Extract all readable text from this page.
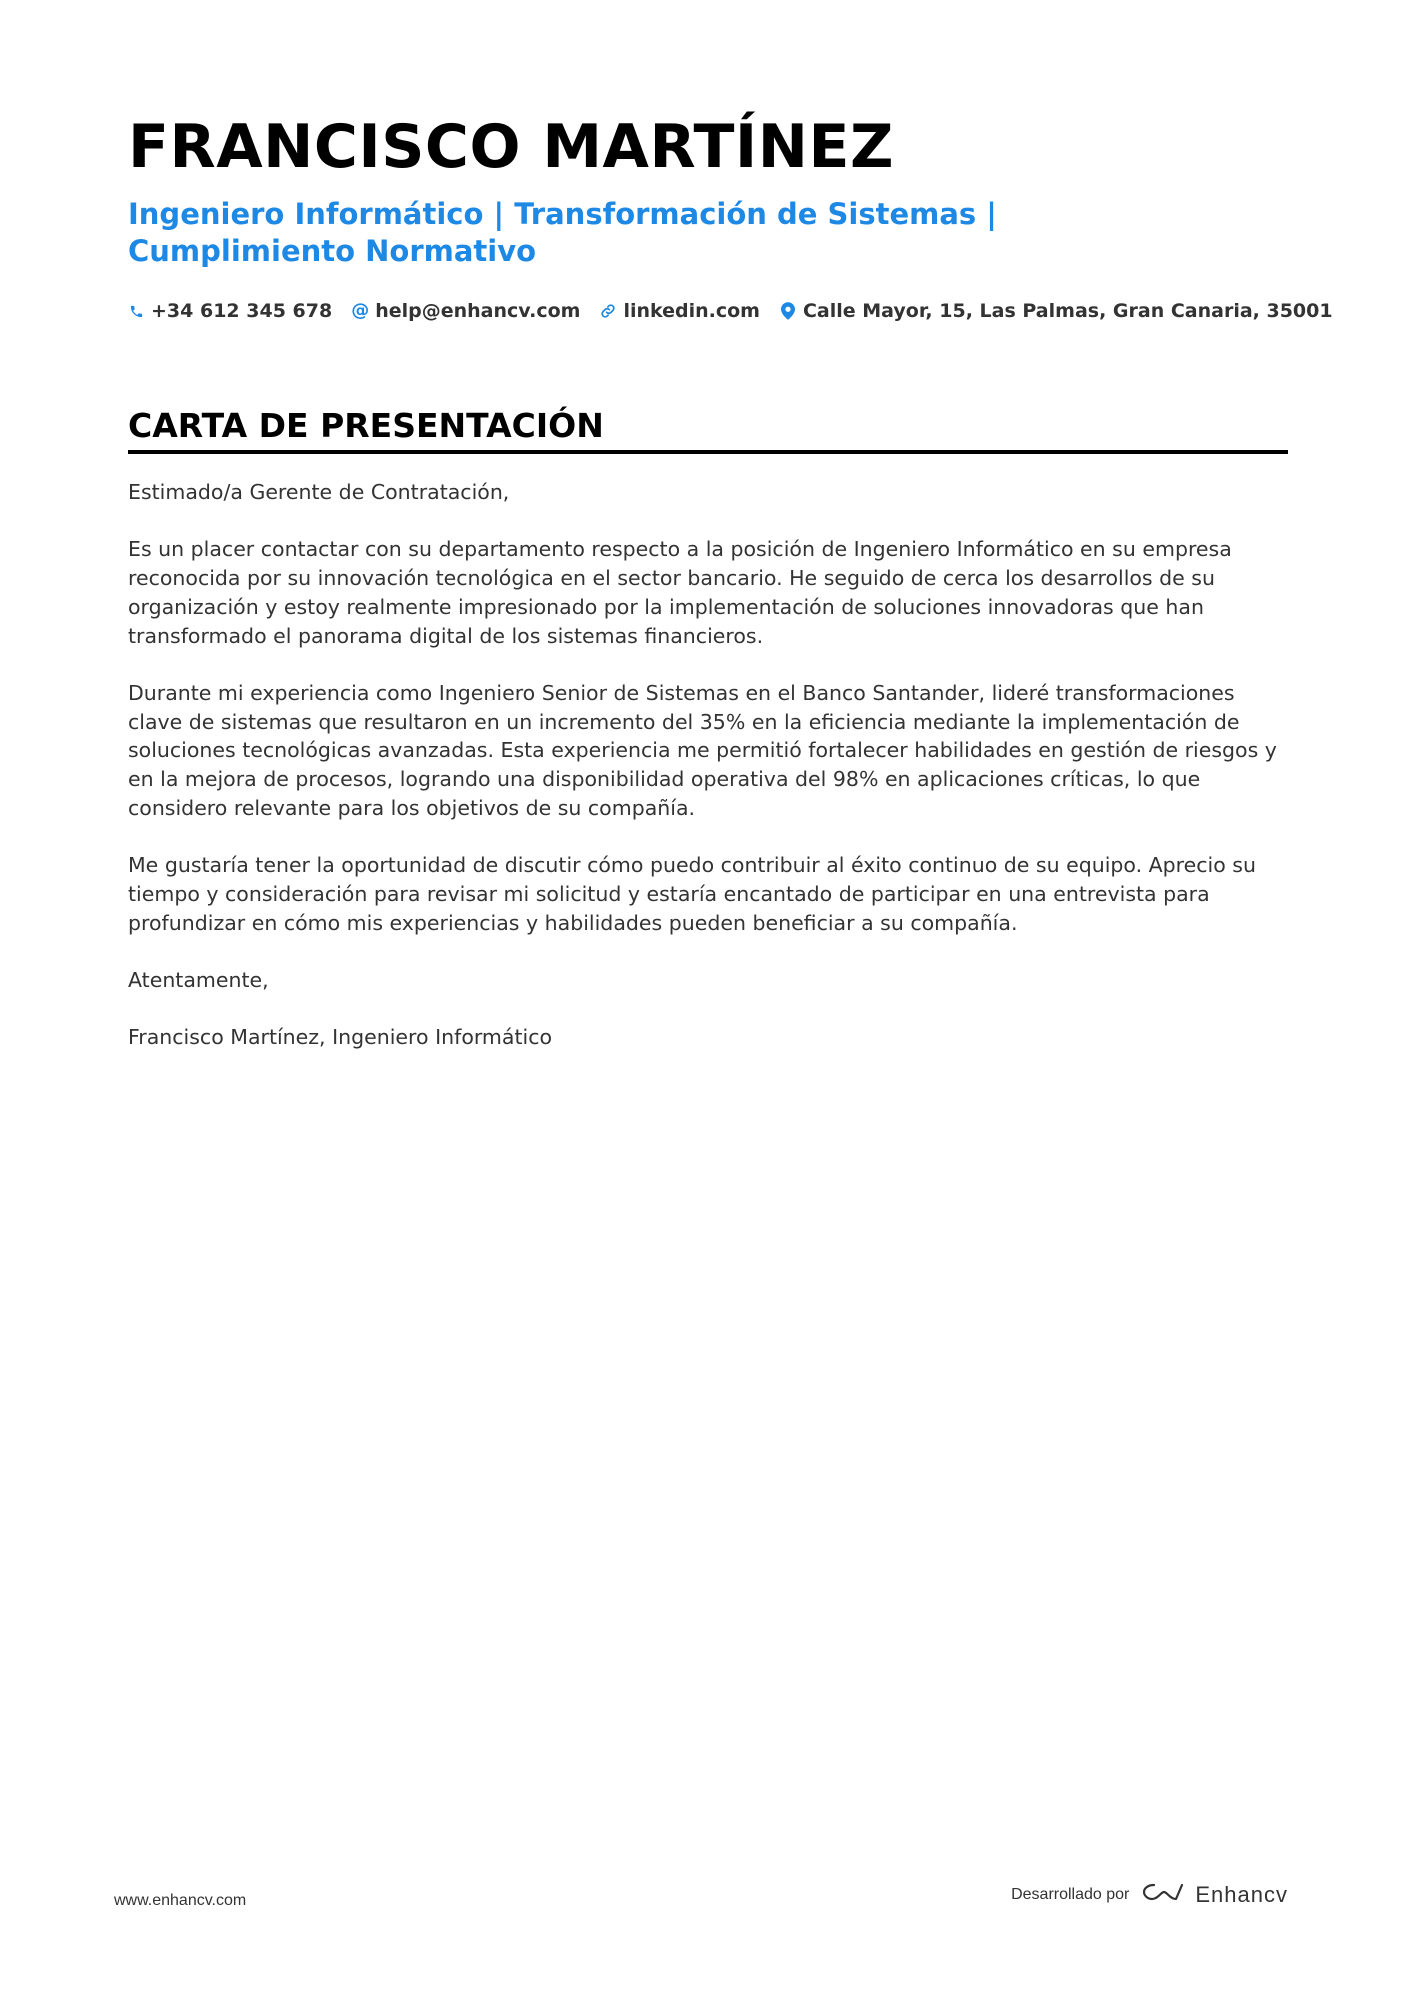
FRANCISCO MARTÍNEZ
Ingeniero Informático | Transformación de Sistemas | Cumplimiento Normativo
+34 612 345 678 @ help@enhancv.com linkedin.com Calle Mayor, 15, Las Palmas, Gran Canaria, 35001
CARTA DE PRESENTACIÓN

Estimado/a Gerente de Contratación,

Es un placer contactar con su departamento respecto a la posición de Ingeniero Informático en su empresa reconocida por su innovación tecnológica en el sector bancario. He seguido de cerca los desarrollos de su organización y estoy realmente impresionado por la implementación de soluciones innovadoras que han transformado el panorama digital de los sistemas financieros.

Durante mi experiencia como Ingeniero Senior de Sistemas en el Banco Santander, lideré transformaciones clave de sistemas que resultaron en un incremento del 35% en la eficiencia mediante la implementación de soluciones tecnológicas avanzadas. Esta experiencia me permitió fortalecer habilidades en gestión de riesgos y en la mejora de procesos, logrando una disponibilidad operativa del 98% en aplicaciones críticas, lo que considero relevante para los objetivos de su compañía.

Me gustaría tener la oportunidad de discutir cómo puedo contribuir al éxito continuo de su equipo. Aprecio su tiempo y consideración para revisar mi solicitud y estaría encantado de participar en una entrevista para profundizar en cómo mis experiencias y habilidades pueden beneficiar a su compañía.

Atentamente,

Francisco Martínez, Ingeniero Informático

www.enhancv.com	Desarrollado por	Enhancv
